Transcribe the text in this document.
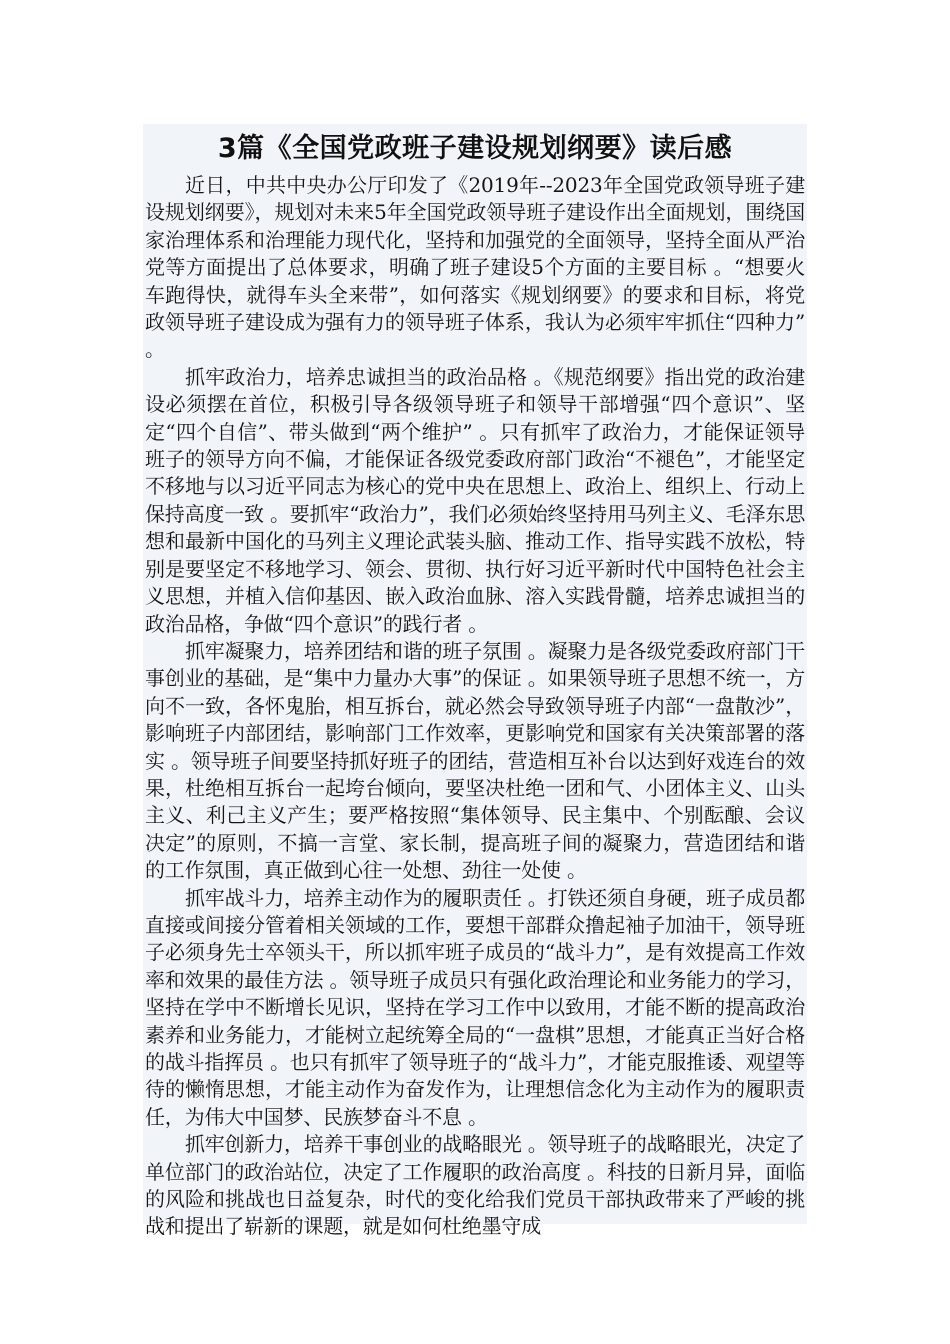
3篇《全国党政班子建设规划纲要》读后感

近日，中共中央办公厅印发了《2019年--2023年全国党政领导班子建设规划纲要》，规划对未来5年全国党政领导班子建设作出全面规划，围绕国家治理体系和治理能力现代化，坚持和加强党的全面领导，坚持全面从严治党等方面提出了总体要求，明确了班子建设5个方面的主要目标 。“想要火车跑得快，就得车头全来带”，如何落实《规划纲要》的要求和目标，将党政领导班子建设成为强有力的领导班子体系，我认为必须牢牢抓住“四种力” 。

抓牢政治力，培养忠诚担当的政治品格 。《规范纲要》指出党的政治建设必须摆在首位，积极引导各级领导班子和领导干部增强“四个意识”、坚定“四个自信”、带头做到“两个维护” 。只有抓牢了政治力，才能保证领导班子的领导方向不偏，才能保证各级党委政府部门政治“不褪色”，才能坚定不移地与以习近平同志为核心的党中央在思想上、政治上、组织上、行动上保持高度一致 。要抓牢“政治力”，我们必须始终坚持用马列主义、毛泽东思想和最新中国化的马列主义理论武装头脑、推动工作、指导实践不放松，特别是要坚定不移地学习、领会、贯彻、执行好习近平新时代中国特色社会主义思想，并植入信仰基因、嵌入政治血脉、溶入实践骨髓，培养忠诚担当的政治品格，争做“四个意识”的践行者 。

抓牢凝聚力，培养团结和谐的班子氛围 。凝聚力是各级党委政府部门干事创业的基础，是“集中力量办大事”的保证 。如果领导班子思想不统一，方向不一致，各怀鬼胎，相互拆台，就必然会导致领导班子内部“一盘散沙”，影响班子内部团结，影响部门工作效率，更影响党和国家有关决策部署的落实 。领导班子间要坚持抓好班子的团结，营造相互补台以达到好戏连台的效果，杜绝相互拆台一起垮台倾向，要坚决杜绝一团和气、小团体主义、山头主义、利己主义产生；要严格按照“集体领导、民主集中、个别酝酿、会议决定”的原则，不搞一言堂、家长制，提高班子间的凝聚力，营造团结和谐的工作氛围，真正做到心往一处想、劲往一处使 。

抓牢战斗力，培养主动作为的履职责任 。打铁还须自身硬，班子成员都直接或间接分管着相关领域的工作，要想干部群众撸起袖子加油干，领导班子必须身先士卒领头干，所以抓牢班子成员的“战斗力”，是有效提高工作效率和效果的最佳方法 。领导班子成员只有强化政治理论和业务能力的学习，坚持在学中不断增长见识，坚持在学习工作中以致用，才能不断的提高政治素养和业务能力，才能树立起统筹全局的“一盘棋”思想，才能真正当好合格的战斗指挥员 。也只有抓牢了领导班子的“战斗力”，才能克服推诿、观望等待的懒惰思想，才能主动作为奋发作为，让理想信念化为主动作为的履职责任，为伟大中国梦、民族梦奋斗不息 。

抓牢创新力，培养干事创业的战略眼光 。领导班子的战略眼光，决定了单位部门的政治站位，决定了工作履职的政治高度 。科技的日新月异，面临的风险和挑战也日益复杂，时代的变化给我们党员干部执政带来了严峻的挑战和提出了崭新的课题，就是如何杜绝墨守成
